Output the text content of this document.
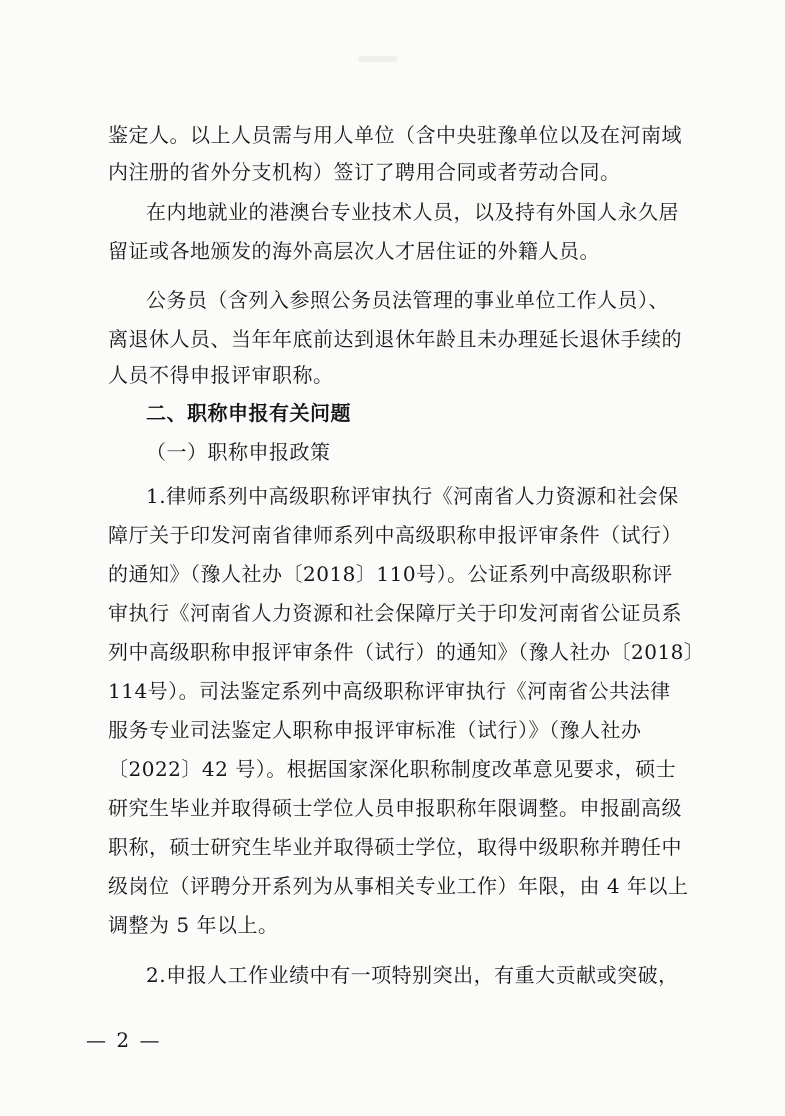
鉴定人。以上人员需与用人单位（含中央驻豫单位以及在河南域
内注册的省外分支机构）签订了聘用合同或者劳动合同。
在内地就业的港澳台专业技术人员，以及持有外国人永久居
留证或各地颁发的海外高层次人才居住证的外籍人员。
公务员（含列入参照公务员法管理的事业单位工作人员）、
离退休人员、当年年底前达到退休年龄且未办理延长退休手续的
人员不得申报评审职称。
二、职称申报有关问题
（一）职称申报政策
1.律师系列中高级职称评审执行《河南省人力资源和社会保
障厅关于印发河南省律师系列中高级职称申报评审条件（试行）
的通知》（豫人社办〔2018〕110号）。公证系列中高级职称评
审执行《河南省人力资源和社会保障厅关于印发河南省公证员系
列中高级职称申报评审条件（试行）的通知》（豫人社办〔2018〕
114号）。司法鉴定系列中高级职称评审执行《河南省公共法律
服务专业司法鉴定人职称申报评审标准（试行）》（豫人社办
〔2022〕42 号）。根据国家深化职称制度改革意见要求，硕士
研究生毕业并取得硕士学位人员申报职称年限调整。申报副高级
职称，硕士研究生毕业并取得硕士学位，取得中级职称并聘任中
级岗位（评聘分开系列为从事相关专业工作）年限，由 4 年以上
调整为 5 年以上。
2.申报人工作业绩中有一项特别突出，有重大贡献或突破，
— 2 —
